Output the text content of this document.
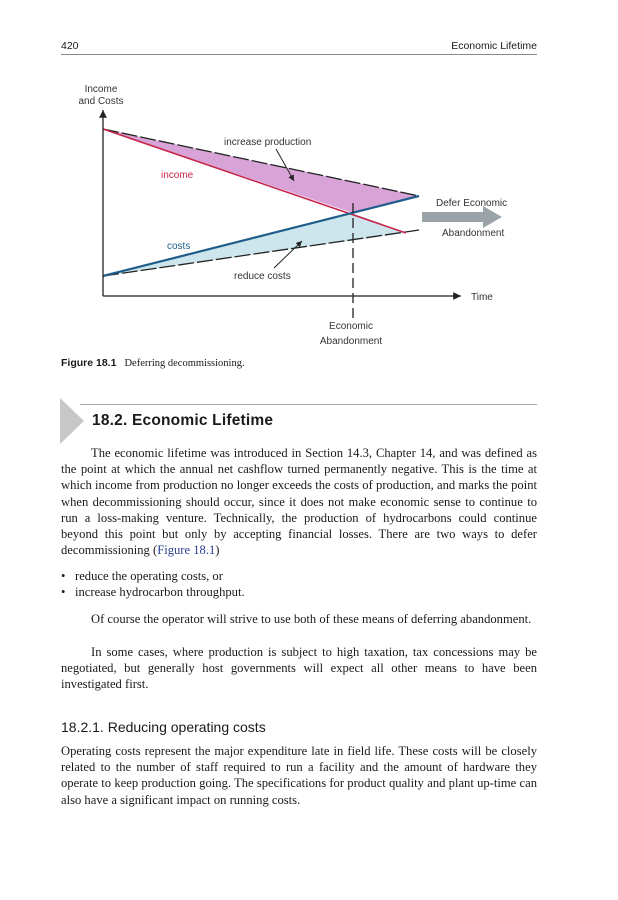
420	Economic Lifetime
Income
and Costs
Time
increase production
income
costs
reduce costs
Defer Economic
Abandonment
Economic
Abandonment
Figure 18.1 Deferring decommissioning.
18.2. Economic Lifetime
The economic lifetime was introduced in Section 14.3, Chapter 14, and was defined as the point at which the annual net cashflow turned permanently negative. This is the time at which income from production no longer exceeds the costs of production, and marks the point when decommissioning should occur, since it does not make economic sense to continue to run a loss-making venture. Technically, the production of hydrocarbons could continue beyond this point but only by accepting financial losses. There are two ways to defer decommissioning (Figure 18.1)
• reduce the operating costs, or
• increase hydrocarbon throughput.
Of course the operator will strive to use both of these means of deferring abandonment.
In some cases, where production is subject to high taxation, tax concessions may be negotiated, but generally host governments will expect all other means to have been investigated first.
18.2.1. Reducing operating costs
Operating costs represent the major expenditure late in field life. These costs will be closely related to the number of staff required to run a facility and the amount of hardware they operate to keep production going. The specifications for product quality and plant up-time can also have a significant impact on running costs.
